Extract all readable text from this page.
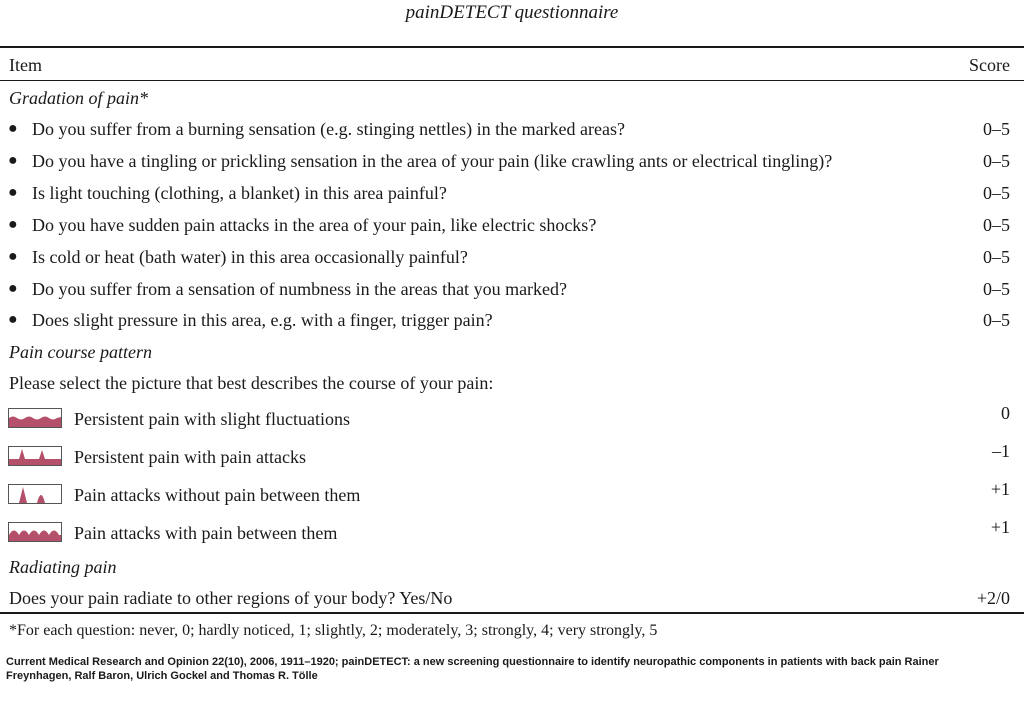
painDETECT questionnaire
Item	Score
Gradation of pain*
● Do you suffer from a burning sensation (e.g. stinging nettles) in the marked areas?	0–5
● Do you have a tingling or prickling sensation in the area of your pain (like crawling ants or electrical tingling)?	0–5
● Is light touching (clothing, a blanket) in this area painful?	0–5
● Do you have sudden pain attacks in the area of your pain, like electric shocks?	0–5
● Is cold or heat (bath water) in this area occasionally painful?	0–5
● Do you suffer from a sensation of numbness in the areas that you marked?	0–5
● Does slight pressure in this area, e.g. with a finger, trigger pain?	0–5
Pain course pattern
Please select the picture that best describes the course of your pain:
Persistent pain with slight fluctuations	0
Persistent pain with pain attacks	–1
Pain attacks without pain between them	+1
Pain attacks with pain between them	+1
Radiating pain
Does your pain radiate to other regions of your body? Yes/No	+2/0
*For each question: never, 0; hardly noticed, 1; slightly, 2; moderately, 3; strongly, 4; very strongly, 5
Current Medical Research and Opinion 22(10), 2006, 1911–1920; painDETECT: a new screening questionnaire to identify neuropathic components in patients with back pain Rainer Freynhagen, Ralf Baron, Ulrich Gockel and Thomas R. Tölle
